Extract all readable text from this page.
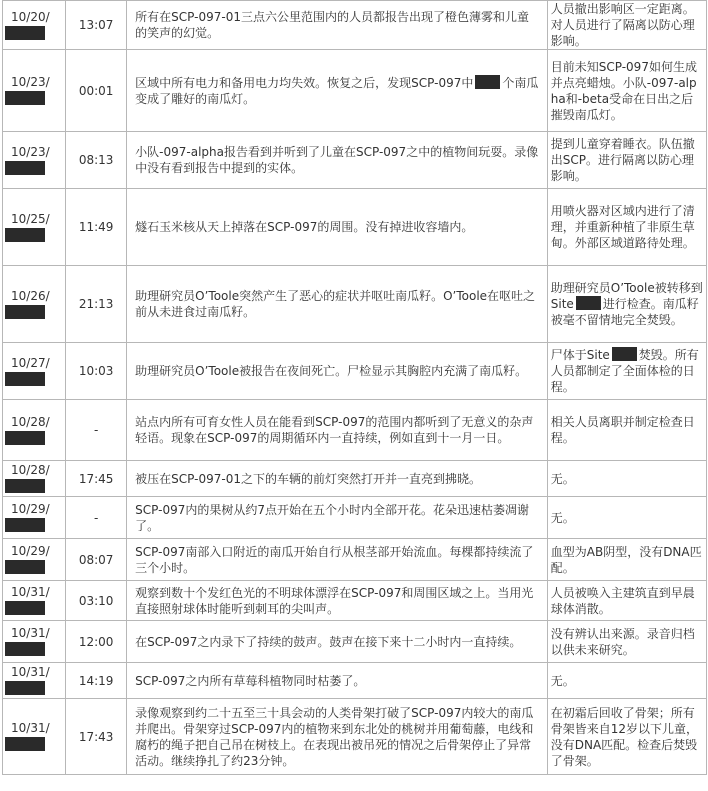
10/20/	13:07	所有在SCP-097-01三点六公里范围内的人员都报告出现了橙色薄雾和儿童的笑声的幻觉。	人员撤出影响区一定距离。对人员进行了隔离以防心理影响。
10/23/	00:01	区域中所有电力和备用电力均失效。恢复之后，发现SCP-097中 个南瓜变成了雕好的南瓜灯。	目前未知SCP-097如何生成并点亮蜡烛。小队-097-alpha和-beta受命在日出之后摧毁南瓜灯。
10/23/	08:13	小队-097-alpha报告看到并听到了儿童在SCP-097之中的植物间玩耍。录像中没有看到报告中提到的实体。	提到儿童穿着睡衣。队伍撤出SCP。进行隔离以防心理影响。
10/25/	11:49	燧石玉米核从天上掉落在SCP-097的周围。没有掉进收容墙内。	用喷火器对区域内进行了清理，并重新种植了非原生草甸。外部区域道路待处理。
10/26/	21:13	助理研究员O’Toole突然产生了恶心的症状并呕吐南瓜籽。O’Toole在呕吐之前从未进食过南瓜籽。	助理研究员O’Toole被转移到Site 进行检查。南瓜籽被毫不留情地完全焚毁。
10/27/	10:03	助理研究员O’Toole被报告在夜间死亡。尸检显示其胸腔内充满了南瓜籽。	尸体于Site 焚毁。所有人员都制定了全面体检的日程。
10/28/	-	站点内所有可育女性人员在能看到SCP-097的范围内都听到了无意义的杂声轻语。现象在SCP-097的周期循环内一直持续，例如直到十一月一日。	相关人员离职并制定检查日程。
10/28/	17:45	被压在SCP-097-01之下的车辆的前灯突然打开并一直亮到拂晓。	无。
10/29/	-	SCP-097内的果树从约7点开始在五个小时内全部开花。花朵迅速枯萎凋谢了。	无。
10/29/	08:07	SCP-097南部入口附近的南瓜开始自行从根茎部开始流血。每棵都持续流了三个小时。	血型为AB阴型，没有DNA匹配。
10/31/	03:10	观察到数十个发红色光的不明球体漂浮在SCP-097和周围区域之上。当用光直接照射球体时能听到刺耳的尖叫声。	人员被唤入主建筑直到早晨球体消散。
10/31/	12:00	在SCP-097之内录下了持续的鼓声。鼓声在接下来十二小时内一直持续。	没有辨认出来源。录音归档以供未来研究。
10/31/	14:19	SCP-097之内所有草莓科植物同时枯萎了。	无。
10/31/	17:43	录像观察到约二十五至三十具会动的人类骨架打破了SCP-097内较大的南瓜并爬出。骨架穿过SCP-097内的植物来到东北处的桃树并用葡萄藤，电线和腐朽的绳子把自己吊在树枝上。在表现出被吊死的情况之后骨架停止了异常活动。继续挣扎了约23分钟。	在初霜后回收了骨架；所有骨架皆来自12岁以下儿童，没有DNA匹配。检查后焚毁了骨架。
